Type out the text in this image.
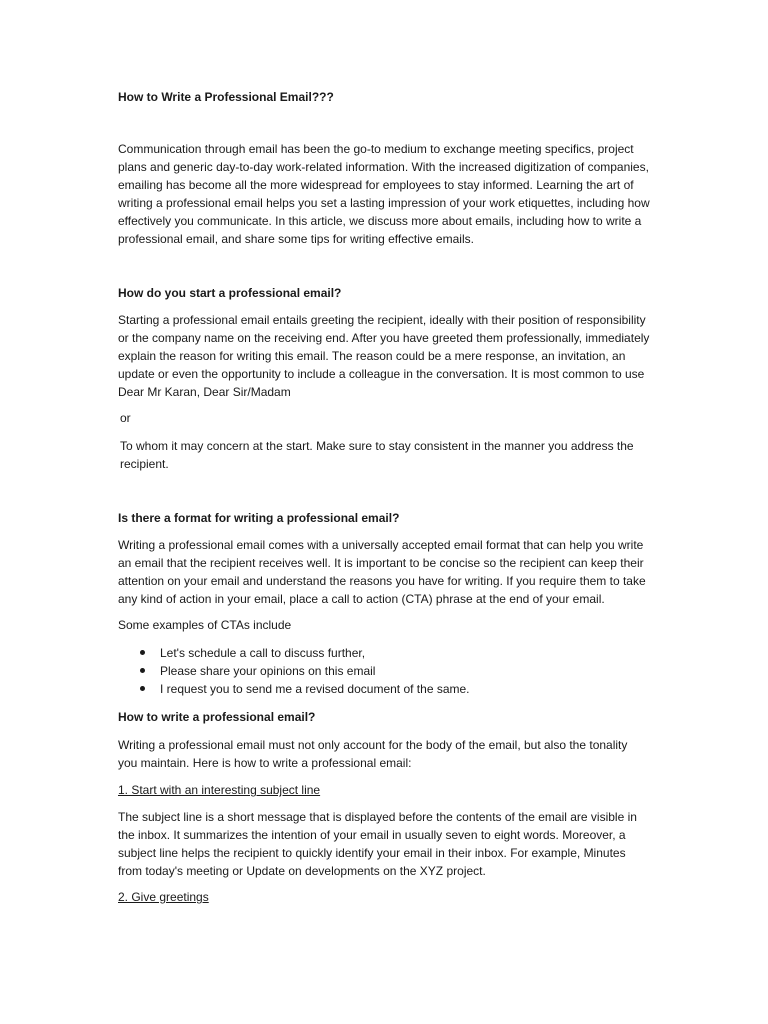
How to Write a Professional Email???

Communication through email has been the go-to medium to exchange meeting specifics, project plans and generic day-to-day work-related information. With the increased digitization of companies, emailing has become all the more widespread for employees to stay informed. Learning the art of writing a professional email helps you set a lasting impression of your work etiquettes, including how effectively you communicate. In this article, we discuss more about emails, including how to write a professional email, and share some tips for writing effective emails.

How do you start a professional email?

Starting a professional email entails greeting the recipient, ideally with their position of responsibility or the company name on the receiving end. After you have greeted them professionally, immediately explain the reason for writing this email. The reason could be a mere response, an invitation, an update or even the opportunity to include a colleague in the conversation. It is most common to use Dear Mr Karan, Dear Sir/Madam

or

To whom it may concern at the start. Make sure to stay consistent in the manner you address the recipient.

Is there a format for writing a professional email?

Writing a professional email comes with a universally accepted email format that can help you write an email that the recipient receives well. It is important to be concise so the recipient can keep their attention on your email and understand the reasons you have for writing. If you require them to take any kind of action in your email, place a call to action (CTA) phrase at the end of your email.

Some examples of CTAs include

Let's schedule a call to discuss further,
Please share your opinions on this email
I request you to send me a revised document of the same.

How to write a professional email?

Writing a professional email must not only account for the body of the email, but also the tonality you maintain. Here is how to write a professional email:

1. Start with an interesting subject line

The subject line is a short message that is displayed before the contents of the email are visible in the inbox. It summarizes the intention of your email in usually seven to eight words. Moreover, a subject line helps the recipient to quickly identify your email in their inbox. For example, Minutes from today's meeting or Update on developments on the XYZ project.

2. Give greetings
